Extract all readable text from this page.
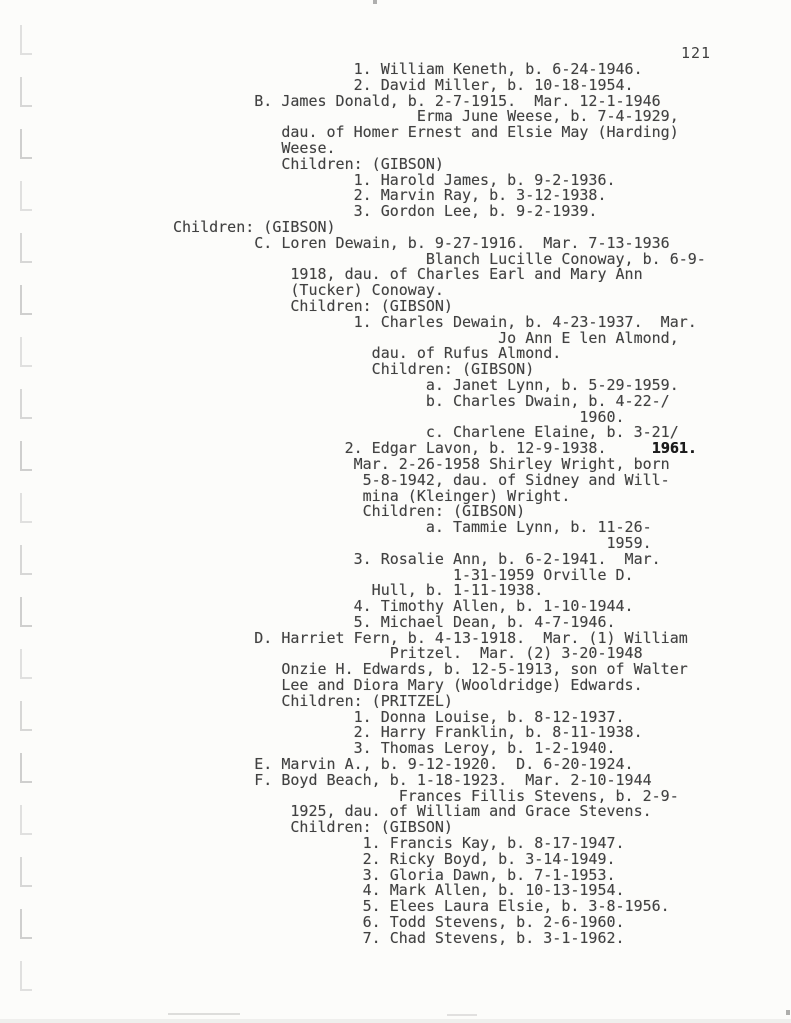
121
1. William Keneth, b. 6-24-1946.
2. David Miller, b. 10-18-1954.
B. James Donald, b. 2-7-1915.  Mar. 12-1-1946
Erma June Weese, b. 7-4-1929,
dau. of Homer Ernest and Elsie May (Harding)
Weese.
Children: (GIBSON)
1. Harold James, b. 9-2-1936.
2. Marvin Ray, b. 3-12-1938.
3. Gordon Lee, b. 9-2-1939.
Children: (GIBSON)
C. Loren Dewain, b. 9-27-1916.  Mar. 7-13-1936
Blanch Lucille Conoway, b. 6-9-
1918, dau. of Charles Earl and Mary Ann
(Tucker) Conoway.
Children: (GIBSON)
1. Charles Dewain, b. 4-23-1937.  Mar.
Jo Ann E len Almond,
dau. of Rufus Almond.
Children: (GIBSON)
a. Janet Lynn, b. 5-29-1959.
b. Charles Dwain, b. 4-22-/
1960.
c. Charlene Elaine, b. 3-21/
2. Edgar Lavon, b. 12-9-1938.     1961.
Mar. 2-26-1958 Shirley Wright, born
5-8-1942, dau. of Sidney and Will-
mina (Kleinger) Wright.
Children: (GIBSON)
a. Tammie Lynn, b. 11-26-
1959.
3. Rosalie Ann, b. 6-2-1941.  Mar.
1-31-1959 Orville D.
Hull, b. 1-11-1938.
4. Timothy Allen, b. 1-10-1944.
5. Michael Dean, b. 4-7-1946.
D. Harriet Fern, b. 4-13-1918.  Mar. (1) William
Pritzel.  Mar. (2) 3-20-1948
Onzie H. Edwards, b. 12-5-1913, son of Walter
Lee and Diora Mary (Wooldridge) Edwards.
Children: (PRITZEL)
1. Donna Louise, b. 8-12-1937.
2. Harry Franklin, b. 8-11-1938.
3. Thomas Leroy, b. 1-2-1940.
E. Marvin A., b. 9-12-1920.  D. 6-20-1924.
F. Boyd Beach, b. 1-18-1923.  Mar. 2-10-1944
Frances Fillis Stevens, b. 2-9-
1925, dau. of William and Grace Stevens.
Children: (GIBSON)
1. Francis Kay, b. 8-17-1947.
2. Ricky Boyd, b. 3-14-1949.
3. Gloria Dawn, b. 7-1-1953.
4. Mark Allen, b. 10-13-1954.
5. Elees Laura Elsie, b. 3-8-1956.
6. Todd Stevens, b. 2-6-1960.
7. Chad Stevens, b. 3-1-1962.
